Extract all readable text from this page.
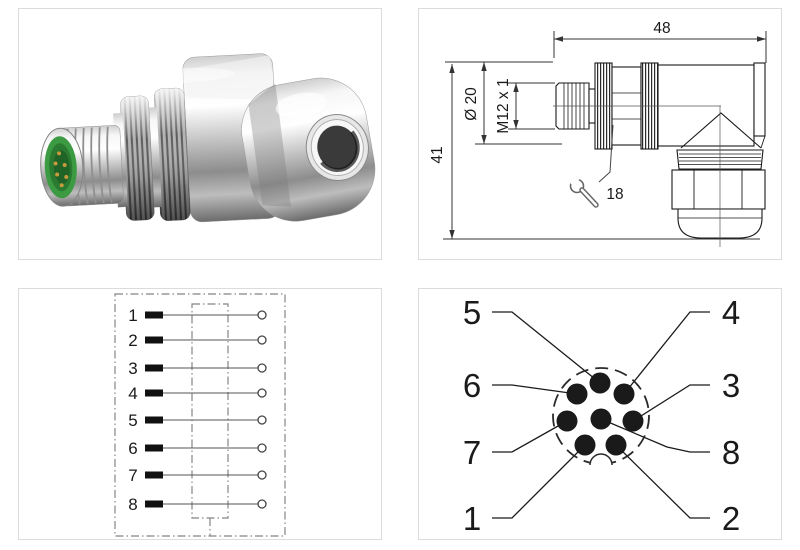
48
41
Ø 20 M12 x 1
18
1
2
3
4
5
6
7
8
5	4
6	3
7	8
1	2
